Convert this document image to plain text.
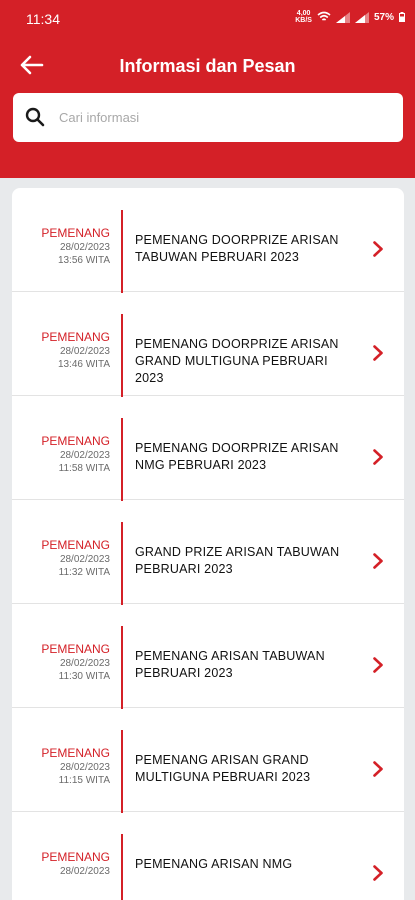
11:34	4,00
KB/S	57%
Informasi dan Pesan
Cari informasi
PEMENANG
28/02/2023
13:56 WITA
PEMENANG DOORPRIZE ARISAN TABUWAN PEBRUARI 2023
PEMENANG
28/02/2023
13:46 WITA
PEMENANG DOORPRIZE ARISAN GRAND MULTIGUNA PEBRUARI 2023
PEMENANG
28/02/2023
11:58 WITA
PEMENANG DOORPRIZE ARISAN NMG PEBRUARI 2023
PEMENANG
28/02/2023
11:32 WITA
GRAND PRIZE ARISAN TABUWAN PEBRUARI 2023
PEMENANG
28/02/2023
11:30 WITA
PEMENANG ARISAN TABUWAN PEBRUARI 2023
PEMENANG
28/02/2023
11:15 WITA
PEMENANG ARISAN GRAND MULTIGUNA PEBRUARI 2023
PEMENANG
28/02/2023
PEMENANG ARISAN NMG
